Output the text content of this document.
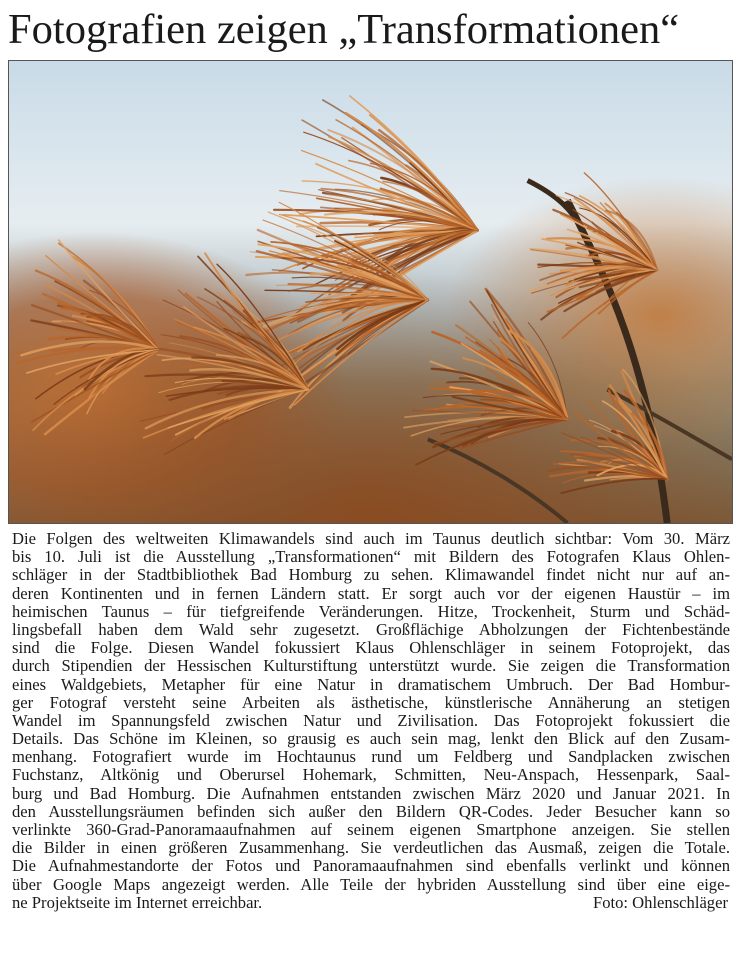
Fotografien zeigen „Transformationen“
Die Folgen des weltweiten Klimawandels sind auch im Taunus deutlich sichtbar: Vom 30. März
bis 10. Juli ist die Ausstellung „Transformationen“ mit Bildern des Fotografen Klaus Ohlen-
schläger in der Stadtbibliothek Bad Homburg zu sehen. Klimawandel findet nicht nur auf an-
deren Kontinenten und in fernen Ländern statt. Er sorgt auch vor der eigenen Haustür – im
heimischen Taunus – für tiefgreifende Veränderungen. Hitze, Trockenheit, Sturm und Schäd-
lingsbefall haben dem Wald sehr zugesetzt. Großflächige Abholzungen der Fichtenbestände
sind die Folge. Diesen Wandel fokussiert Klaus Ohlenschläger in seinem Fotoprojekt, das
durch Stipendien der Hessischen Kulturstiftung unterstützt wurde. Sie zeigen die Transformation
eines Waldgebiets, Metapher für eine Natur in dramatischem Umbruch. Der Bad Hombur-
ger Fotograf versteht seine Arbeiten als ästhetische, künstlerische Annäherung an stetigen
Wandel im Spannungsfeld zwischen Natur und Zivilisation. Das Fotoprojekt fokussiert die
Details. Das Schöne im Kleinen, so grausig es auch sein mag, lenkt den Blick auf den Zusam-
menhang. Fotografiert wurde im Hochtaunus rund um Feldberg und Sandplacken zwischen
Fuchstanz, Altkönig und Oberursel Hohemark, Schmitten, Neu-Anspach, Hessenpark, Saal-
burg und Bad Homburg. Die Aufnahmen entstanden zwischen März 2020 und Januar 2021. In
den Ausstellungsräumen befinden sich außer den Bildern QR-Codes. Jeder Besucher kann so
verlinkte 360-Grad-Panoramaaufnahmen auf seinem eigenen Smartphone anzeigen. Sie stellen
die Bilder in einen größeren Zusammenhang. Sie verdeutlichen das Ausmaß, zeigen die Totale.
Die Aufnahmestandorte der Fotos und Panoramaaufnahmen sind ebenfalls verlinkt und können
über Google Maps angezeigt werden. Alle Teile der hybriden Ausstellung sind über eine eige-
ne Projektseite im Internet erreichbar.	Foto: Ohlenschläger
